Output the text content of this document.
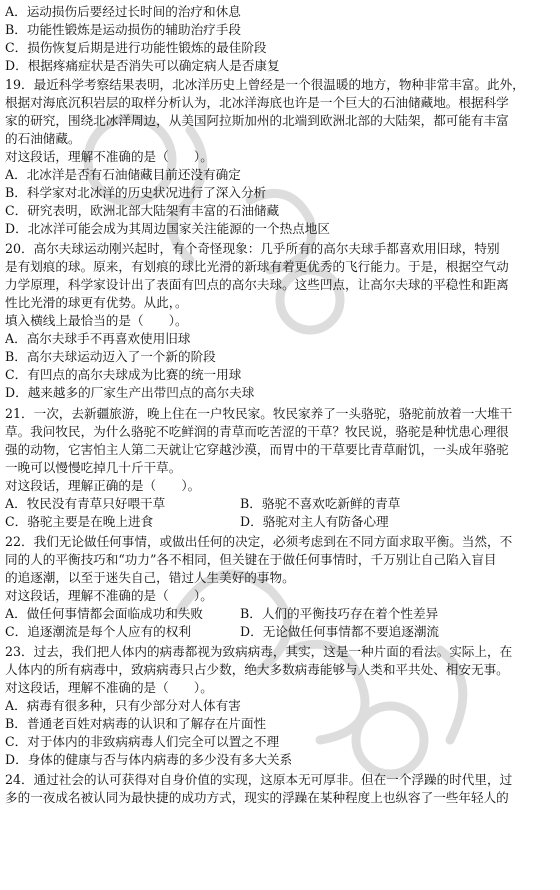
A．运动损伤后要经过长时间的治疗和休息
B．功能性锻炼是运动损伤的辅助治疗手段
C．损伤恢复后期是进行功能性锻炼的最佳阶段
D．根据疼痛症状是否消失可以确定病人是否康复
19．最近科学考察结果表明，北冰洋历史上曾经是一个很温暖的地方，物种非常丰富。此外，
根据对海底沉积岩层的取样分析认为，北冰洋海底也许是一个巨大的石油储藏地。根据科学
家的研究，围绕北冰洋周边，从美国阿拉斯加州的北端到欧洲北部的大陆架，都可能有丰富
的石油储藏。
对这段话，理解不准确的是（　　）。
A．北冰洋是否有石油储藏目前还没有确定
B．科学家对北冰洋的历史状况进行了深入分析
C．研究表明，欧洲北部大陆架有丰富的石油储藏
D．北冰洋可能会成为其周边国家关注能源的一个热点地区
20．高尔夫球运动刚兴起时，有个奇怪现象：几乎所有的高尔夫球手都喜欢用旧球，特别
是有划痕的球。原来，有划痕的球比光滑的新球有着更优秀的飞行能力。于是，根据空气动
力学原理，科学家设计出了表面有凹点的高尔夫球。这些凹点，让高尔夫球的平稳性和距离
性比光滑的球更有优势。从此，。
填入横线上最恰当的是（　　）。
A．高尔夫球手不再喜欢使用旧球
B．高尔夫球运动迈入了一个新的阶段
C．有凹点的高尔夫球成为比赛的统一用球
D．越来越多的厂家生产出带凹点的高尔夫球
21．一次，去新疆旅游，晚上住在一户牧民家。牧民家养了一头骆驼，骆驼前放着一大堆干
草。我问牧民，为什么骆驼不吃鲜润的青草而吃苦涩的干草？牧民说，骆驼是种忧患心理很
强的动物，它害怕主人第二天就让它穿越沙漠，而胃中的干草要比青草耐饥，一头成年骆驼
一晚可以慢慢吃掉几十斤干草。
对这段话，理解正确的是（　　）。
A．牧民没有青草只好喂干草	B．骆驼不喜欢吃新鲜的青草
C．骆驼主要是在晚上进食	D．骆驼对主人有防备心理
22．我们无论做任何事情，或做出任何的决定，必须考虑到在不同方面求取平衡。当然，不
同的人的平衡技巧和“功力”各不相同，但关键在于做任何事情时，千万别让自己陷入盲目
的追逐潮，以至于迷失自己，错过人生美好的事物。
对这段话，理解不准确的是（　　）。
A．做任何事情都会面临成功和失败	B．人们的平衡技巧存在着个性差异
C．追逐潮流是每个人应有的权利	D．无论做任何事情都不要追逐潮流
23．过去，我们把人体内的病毒都视为致病病毒，其实，这是一种片面的看法。实际上，在
人体内的所有病毒中，致病病毒只占少数，绝大多数病毒能够与人类和平共处、相安无事。
对这段话，理解不准确的是（　　）。
A．病毒有很多种，只有少部分对人体有害
B．普通老百姓对病毒的认识和了解存在片面性
C．对于体内的非致病病毒人们完全可以置之不理
D．身体的健康与否与体内病毒的多少没有多大关系
24．通过社会的认可获得对自身价值的实现，这原本无可厚非。但在一个浮躁的时代里，过
多的一夜成名被认同为最快捷的成功方式，现实的浮躁在某种程度上也纵容了一些年轻人的
